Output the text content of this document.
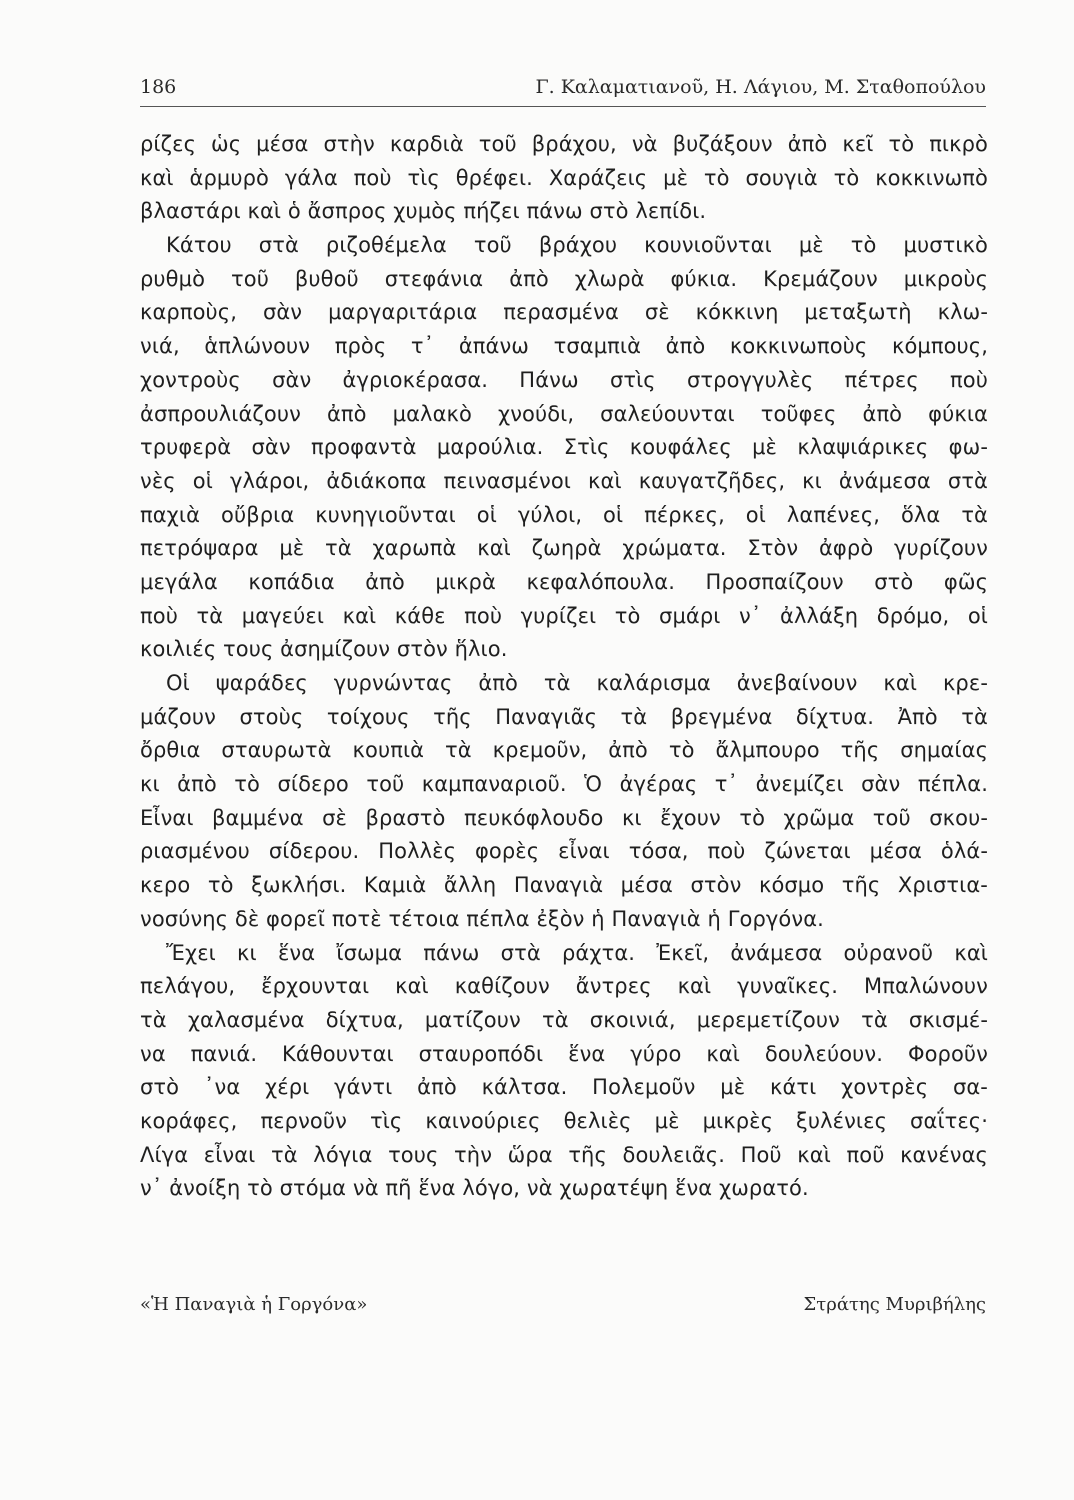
186	Γ. Καλαματιανοῦ, Η. Λάγιου, Μ. Σταθοπούλου
ρίζες ὡς μέσα στὴν καρδιὰ τοῦ βράχου, νὰ βυζάξουν ἀπὸ κεῖ τὸ πικρὸ
καὶ ἁρμυρὸ γάλα ποὺ τὶς θρέφει. Χαράζεις μὲ τὸ σουγιὰ τὸ κοκκινωπὸ
βλαστάρι καὶ ὁ ἄσπρος χυμὸς πήζει πάνω στὸ λεπίδι.
Κάτου στὰ ριζοθέμελα τοῦ βράχου κουνιοῦνται μὲ τὸ μυστικὸ
ρυθμὸ τοῦ βυθοῦ στεφάνια ἀπὸ χλωρὰ φύκια. Κρεμάζουν μικροὺς
καρποὺς, σὰν μαργαριτάρια περασμένα σὲ κόκκινη μεταξωτὴ κλω-
νιά, ἁπλώνουν πρὸς τ᾽ ἀπάνω τσαμπιὰ ἀπὸ κοκκινωποὺς κόμπους,
χοντροὺς σὰν ἀγριοκέρασα. Πάνω στὶς στρογγυλὲς πέτρες ποὺ
ἀσπρουλιάζουν ἀπὸ μαλακὸ χνούδι, σαλεύουνται τοῦφες ἀπὸ φύκια
τρυφερὰ σὰν προφαντὰ μαρούλια. Στὶς κουφάλες μὲ κλαψιάρικες φω-
νὲς οἱ γλάροι, ἀδιάκοπα πεινασμένοι καὶ καυγατζῆδες, κι ἀνάμεσα στὰ
παχιὰ οὔβρια κυνηγιοῦνται οἱ γύλοι, οἱ πέρκες, οἱ λαπένες, ὅλα τὰ
πετρόψαρα μὲ τὰ χαρωπὰ καὶ ζωηρὰ χρώματα. Στὸν ἀφρὸ γυρίζουν
μεγάλα κοπάδια ἀπὸ μικρὰ κεφαλόπουλα. Προσπαίζουν στὸ φῶς
ποὺ τὰ μαγεύει καὶ κάθε ποὺ γυρίζει τὸ σμάρι ν᾽ ἀλλάξη δρόμο, οἱ
κοιλιές τους ἀσημίζουν στὸν ἥλιο.
Οἱ ψαράδες γυρνώντας ἀπὸ τὰ καλάρισμα ἀνεβαίνουν καὶ κρε-
μάζουν στοὺς τοίχους τῆς Παναγιᾶς τὰ βρεγμένα δίχτυα. Ἀπὸ τὰ
ὄρθια σταυρωτὰ κουπιὰ τὰ κρεμοῦν, ἀπὸ τὸ ἄλμπουρο τῆς σημαίας
κι ἀπὸ τὸ σίδερο τοῦ καμπαναριοῦ. Ὁ ἀγέρας τ᾽ ἀνεμίζει σὰν πέπλα.
Εἶναι βαμμένα σὲ βραστὸ πευκόφλουδο κι ἔχουν τὸ χρῶμα τοῦ σκου-
ριασμένου σίδερου. Πολλὲς φορὲς εἶναι τόσα, ποὺ ζώνεται μέσα ὁλά-
κερο τὸ ξωκλήσι. Καμιὰ ἄλλη Παναγιὰ μέσα στὸν κόσμο τῆς Χριστια-
νοσύνης δὲ φορεῖ ποτὲ τέτοια πέπλα ἐξὸν ἡ Παναγιὰ ἡ Γοργόνα.
Ἔχει κι ἕνα ἴσωμα πάνω στὰ ράχτα. Ἐκεῖ, ἀνάμεσα οὐρανοῦ καὶ
πελάγου, ἔρχουνται καὶ καθίζουν ἄντρες καὶ γυναῖκες. Μπαλώνουν
τὰ χαλασμένα δίχτυα, ματίζουν τὰ σκοινιά, μερεμετίζουν τὰ σκισμέ-
να πανιά. Κάθουνται σταυροπόδι ἕνα γύρο καὶ δουλεύουν. Φοροῦν
στὸ ᾽να χέρι γάντι ἀπὸ κάλτσα. Πολεμοῦν μὲ κάτι χοντρὲς σα-
κοράφες, περνοῦν τὶς καινούριες θελιὲς μὲ μικρὲς ξυλένιες σαΐτες·
Λίγα εἶναι τὰ λόγια τους τὴν ὥρα τῆς δουλειᾶς. Ποῦ καὶ ποῦ κανένας
ν᾽ ἀνοίξη τὸ στόμα νὰ πῆ ἕνα λόγο, νὰ χωρατέψη ἕνα χωρατό.
«Ἡ Παναγιὰ ἡ Γοργόνα»	Στράτης Μυριβήλης
